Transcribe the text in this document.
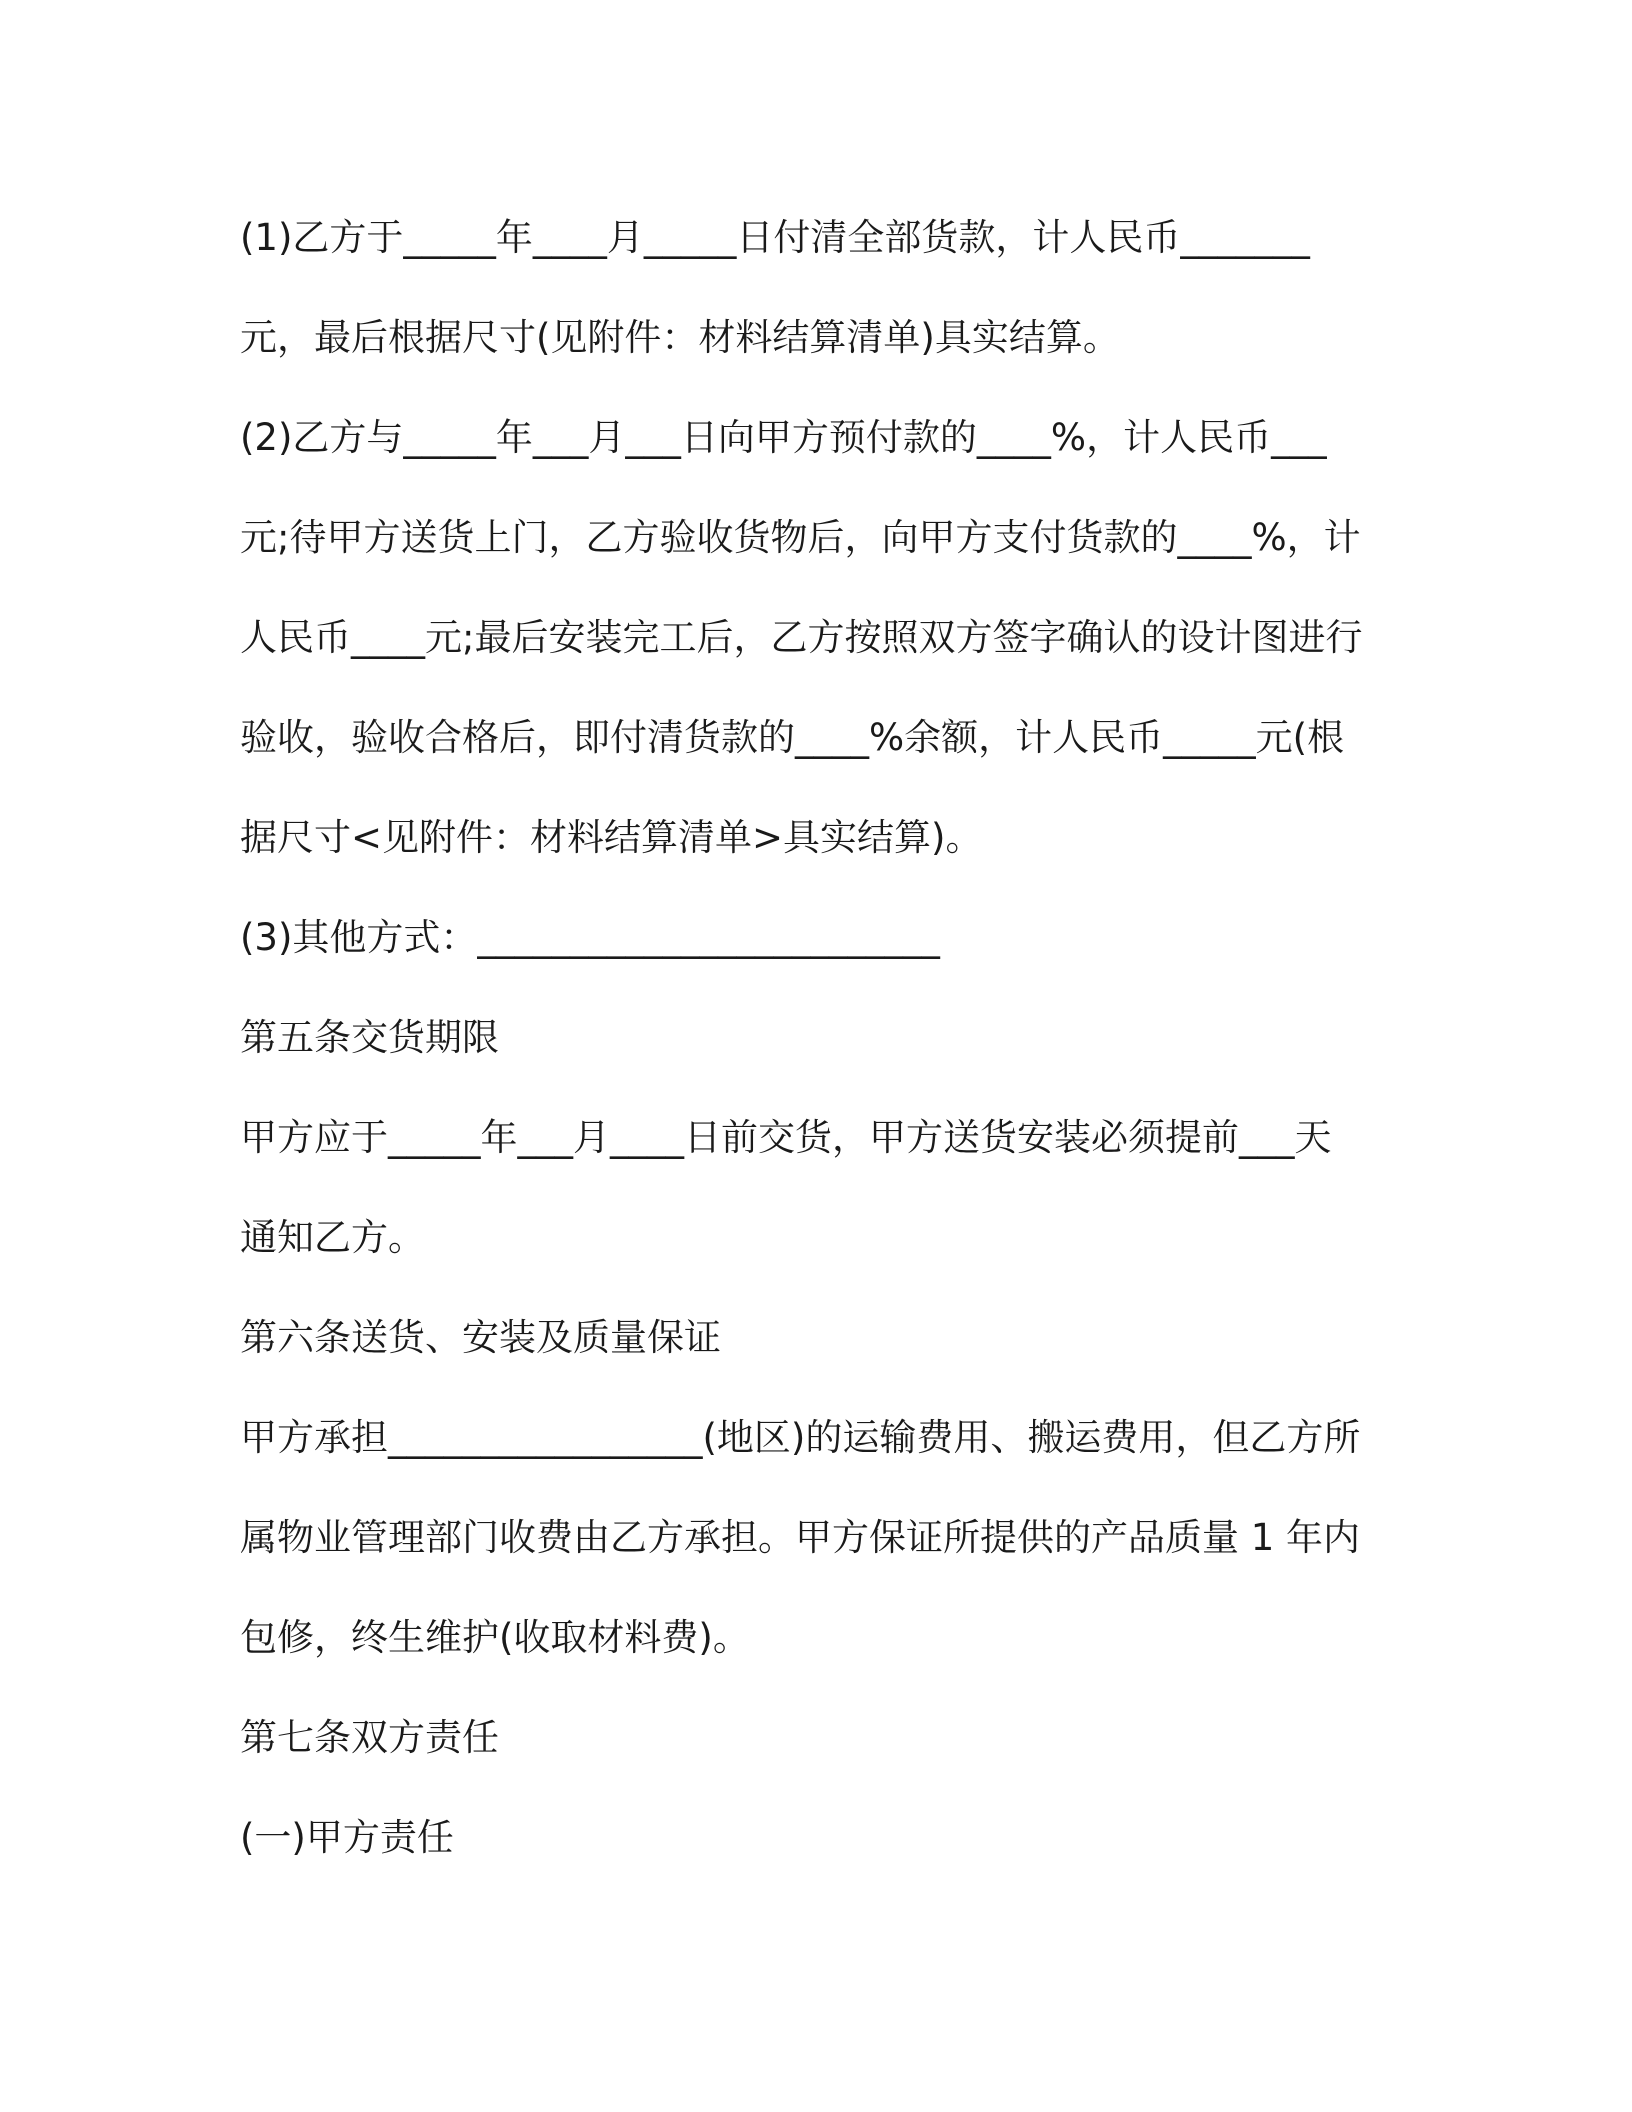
(1)乙方于_____年____月_____日付清全部货款，计人民币_______
元，最后根据尺寸(见附件：材料结算清单)具实结算。
(2)乙方与_____年___月___日向甲方预付款的____%，计人民币___
元;待甲方送货上门，乙方验收货物后，向甲方支付货款的____%，计
人民币____元;最后安装完工后，乙方按照双方签字确认的设计图进行
验收，验收合格后，即付清货款的____%余额，计人民币_____元(根
据尺寸<见附件：材料结算清单>具实结算)。
(3)其他方式：_________________________
第五条交货期限
甲方应于_____年___月____日前交货，甲方送货安装必须提前___天
通知乙方。
第六条送货、安装及质量保证
甲方承担_________________(地区)的运输费用、搬运费用，但乙方所
属物业管理部门收费由乙方承担。甲方保证所提供的产品质量 1 年内
包修，终生维护(收取材料费)。
第七条双方责任
(一)甲方责任
